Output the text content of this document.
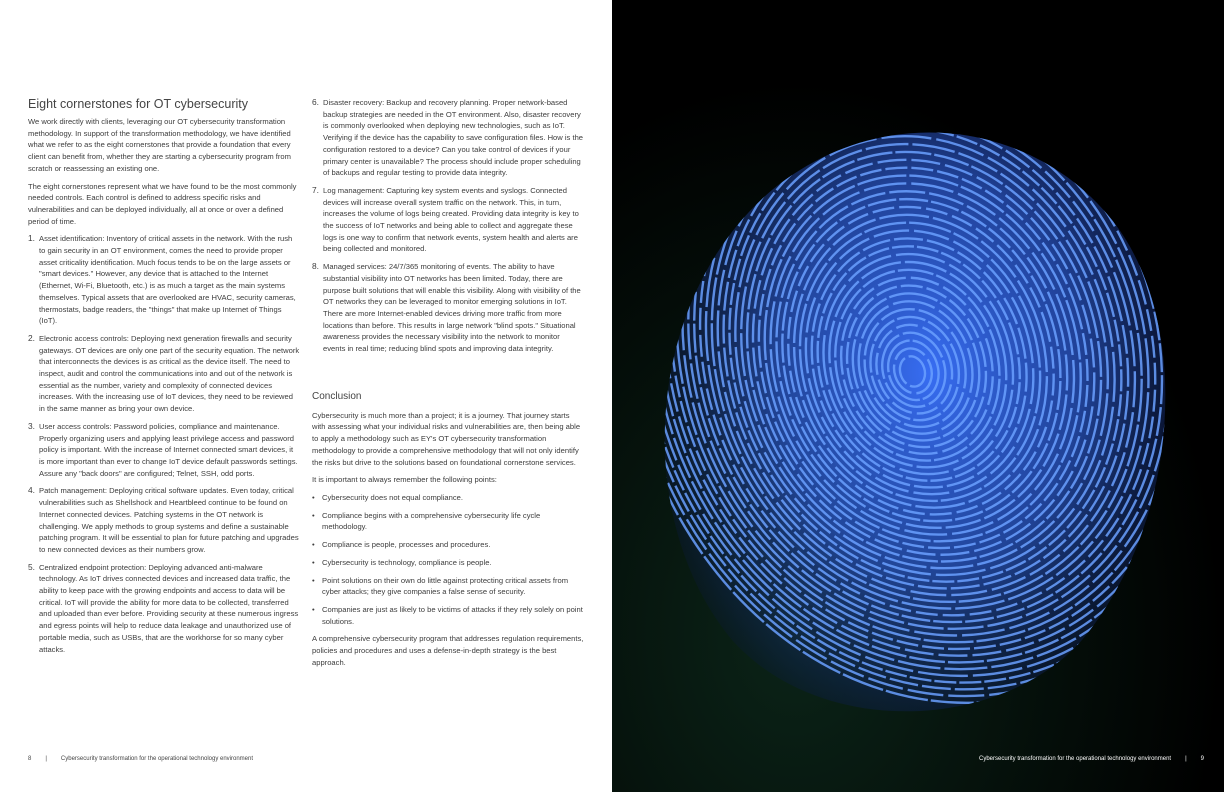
Eight cornerstones for OT cybersecurity

We work directly with clients, leveraging our OT cybersecurity transformation methodology. In support of the transformation methodology, we have identified what we refer to as the eight cornerstones that provide a foundation that every client can benefit from, whether they are starting a cybersecurity program from scratch or reassessing an existing one.

The eight cornerstones represent what we have found to be the most commonly needed controls. Each control is defined to address specific risks and vulnerabilities and can be deployed individually, all at once or over a defined period of time.

1. Asset identification: Inventory of critical assets in the network. With the rush to gain security in an OT environment, comes the need to provide proper asset criticality identification. Much focus tends to be on the large assets or "smart devices." However, any device that is attached to the Internet (Ethernet, Wi-Fi, Bluetooth, etc.) is as much a target as the main systems themselves. Typical assets that are overlooked are HVAC, security cameras, thermostats, badge readers, the "things" that make up Internet of Things (IoT).
2. Electronic access controls: Deploying next generation firewalls and security gateways. OT devices are only one part of the security equation. The network that interconnects the devices is as critical as the device itself. The need to inspect, audit and control the communications into and out of the network is essential as the number, variety and complexity of connected devices increases. With the increasing use of IoT devices, they need to be reviewed in the same manner as bring your own device.
3. User access controls: Password policies, compliance and maintenance. Properly organizing users and applying least privilege access and password policy is important. With the increase of Internet connected smart devices, it is more important than ever to change IoT device default passwords settings. Assure any "back doors" are configured; Telnet, SSH, odd ports.
4. Patch management: Deploying critical software updates. Even today, critical vulnerabilities such as Shellshock and Heartbleed continue to be found on Internet connected devices. Patching systems in the OT network is challenging. We apply methods to group systems and define a sustainable patching program. It will be essential to plan for future patching and upgrades to new connected devices as their numbers grow.
5. Centralized endpoint protection: Deploying advanced anti-malware technology. As IoT drives connected devices and increased data traffic, the ability to keep pace with the growing endpoints and access to data will be critical. IoT will provide the ability for more data to be collected, transferred and uploaded than ever before. Providing security at these numerous ingress and egress points will help to reduce data leakage and unauthorized use of portable media, such as USBs, that are the workhorse for so many cyber attacks.
6. Disaster recovery: Backup and recovery planning. Proper network-based backup strategies are needed in the OT environment. Also, disaster recovery is commonly overlooked when deploying new technologies, such as IoT. Verifying if the device has the capability to save configuration files. How is the configuration restored to a device? Can you take control of devices if your primary center is unavailable? The process should include proper scheduling of backups and regular testing to provide data integrity.
7. Log management: Capturing key system events and syslogs. Connected devices will increase overall system traffic on the network. This, in turn, increases the volume of logs being created. Providing data integrity is key to the success of IoT networks and being able to collect and aggregate these logs is one way to confirm that network events, system health and alerts are being collected and monitored.
8. Managed services: 24/7/365 monitoring of events. The ability to have substantial visibility into OT networks has been limited. Today, there are purpose built solutions that will enable this visibility. Along with visibility of the OT networks they can be leveraged to monitor emerging solutions in IoT. There are more Internet-enabled devices driving more traffic from more locations than before. This results in large network "blind spots." Situational awareness provides the necessary visibility into the network to monitor events in real time; reducing blind spots and improving data integrity.
Conclusion

Cybersecurity is much more than a project; it is a journey. That journey starts with assessing what your individual risks and vulnerabilities are, then being able to apply a methodology such as EY's OT cybersecurity transformation methodology to provide a comprehensive methodology that will not only identify the risks but drive to the solutions based on foundational cornerstone services.

It is important to always remember the following points:

• Cybersecurity does not equal compliance.
• Compliance begins with a comprehensive cybersecurity life cycle methodology.
• Compliance is people, processes and procedures.
• Cybersecurity is technology, compliance is people.
• Point solutions on their own do little against protecting critical assets from cyber attacks; they give companies a false sense of security.
• Companies are just as likely to be victims of attacks if they rely solely on point solutions.

A comprehensive cybersecurity program that addresses regulation requirements, policies and procedures and uses a defense-in-depth strategy is the best approach.

8 | Cybersecurity transformation for the operational technology environment	Cybersecurity transformation for the operational technology environment | 9
